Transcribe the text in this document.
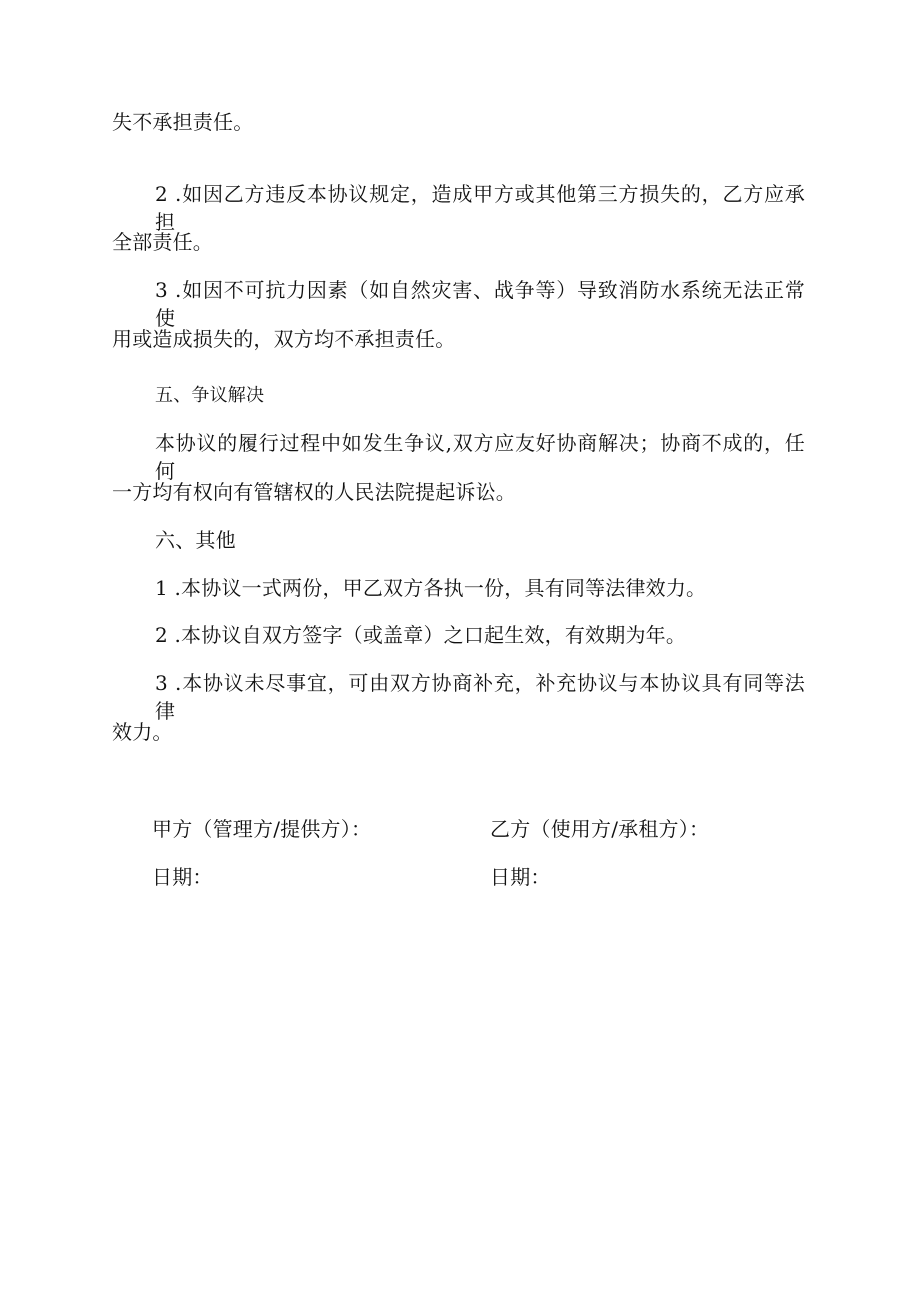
失不承担责任。
2 .如因乙方违反本协议规定，造成甲方或其他第三方损失的，乙方应承担
全部责任。
3 .如因不可抗力因素（如自然灾害、战争等）导致消防水系统无法正常使
用或造成损失的，双方均不承担责任。
五、争议解决
本协议的履行过程中如发生争议,双方应友好协商解决；协商不成的，任何
一方均有权向有管辖权的人民法院提起诉讼。
六、其他
1 .本协议一式两份，甲乙双方各执一份，具有同等法律效力。
2 .本协议自双方签字（或盖章）之口起生效，有效期为年。
3 .本协议未尽事宜，可由双方协商补充，补充协议与本协议具有同等法律
效力。
甲方（管理方/提供方）：	乙方（使用方/承租方）：
日期：	日期：
